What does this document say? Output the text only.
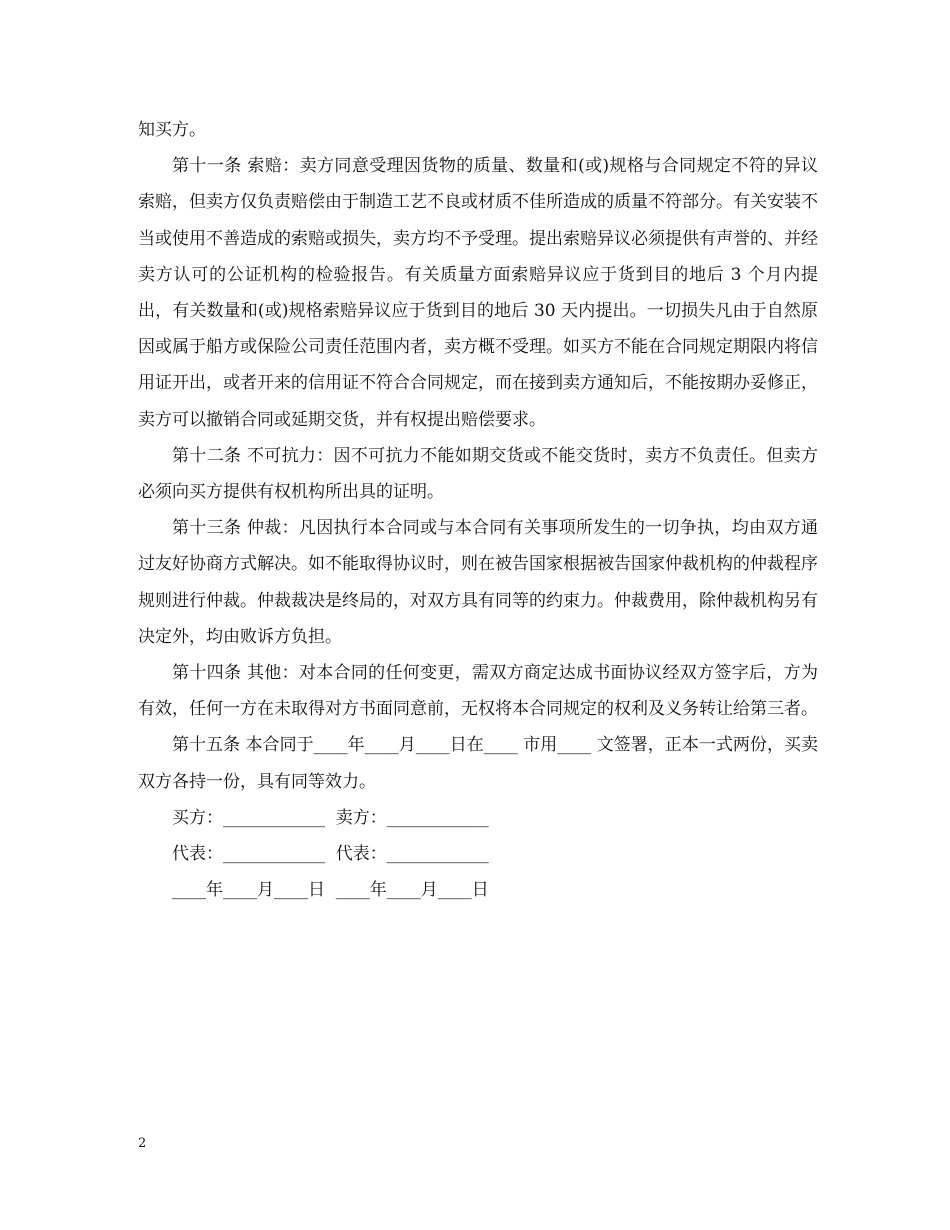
知买方。

第十一条 索赔：卖方同意受理因货物的质量、数量和(或)规格与合同规定不符的异议索赔，但卖方仅负责赔偿由于制造工艺不良或材质不佳所造成的质量不符部分。有关安装不当或使用不善造成的索赔或损失，卖方均不予受理。提出索赔异议必须提供有声誉的、并经卖方认可的公证机构的检验报告。有关质量方面索赔异议应于货到目的地后 3 个月内提出，有关数量和(或)规格索赔异议应于货到目的地后 30 天内提出。一切损失凡由于自然原因或属于船方或保险公司责任范围内者，卖方概不受理。如买方不能在合同规定期限内将信用证开出，或者开来的信用证不符合合同规定，而在接到卖方通知后，不能按期办妥修正，卖方可以撤销合同或延期交货，并有权提出赔偿要求。

第十二条 不可抗力：因不可抗力不能如期交货或不能交货时，卖方不负责任。但卖方必须向买方提供有权机构所出具的证明。

第十三条 仲裁：凡因执行本合同或与本合同有关事项所发生的一切争执，均由双方通过友好协商方式解决。如不能取得协议时，则在被告国家根据被告国家仲裁机构的仲裁程序规则进行仲裁。仲裁裁决是终局的，对双方具有同等的约束力。仲裁费用，除仲裁机构另有决定外，均由败诉方负担。

第十四条 其他：对本合同的任何变更，需双方商定达成书面协议经双方签字后，方为有效，任何一方在未取得对方书面同意前，无权将本合同规定的权利及义务转让给第三者。

第十五条 本合同于____年____月____日在____ 市用____ 文签署，正本一式两份，买卖双方各持一份，具有同等效力。

买方：____________  卖方：____________

代表：____________  代表：____________

____年____月____日  ____年____月____日

2
